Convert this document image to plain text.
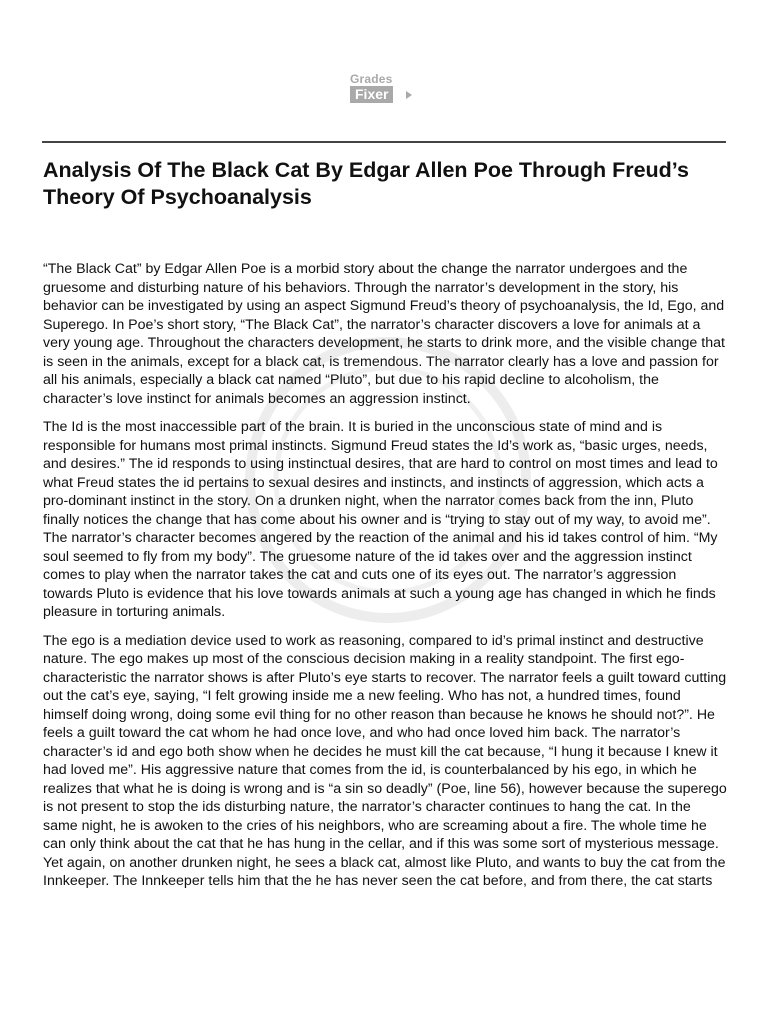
Grades
Fixer
Analysis Of The Black Cat By Edgar Allen Poe Through Freud’s Theory Of Psychoanalysis

“The Black Cat” by Edgar Allen Poe is a morbid story about the change the narrator undergoes and the gruesome and disturbing nature of his behaviors. Through the narrator’s development in the story, his behavior can be investigated by using an aspect Sigmund Freud’s theory of psychoanalysis, the Id, Ego, and Superego. In Poe’s short story, “The Black Cat”, the narrator’s character discovers a love for animals at a very young age. Throughout the characters development, he starts to drink more, and the visible change that is seen in the animals, except for a black cat, is tremendous. The narrator clearly has a love and passion for all his animals, especially a black cat named “Pluto”, but due to his rapid decline to alcoholism, the character’s love instinct for animals becomes an aggression instinct.

The Id is the most inaccessible part of the brain. It is buried in the unconscious state of mind and is responsible for humans most primal instincts. Sigmund Freud states the Id’s work as, “basic urges, needs, and desires.” The id responds to using instinctual desires, that are hard to control on most times and lead to what Freud states the id pertains to sexual desires and instincts, and instincts of aggression, which acts a pro-dominant instinct in the story. On a drunken night, when the narrator comes back from the inn, Pluto finally notices the change that has come about his owner and is “trying to stay out of my way, to avoid me”. The narrator’s character becomes angered by the reaction of the animal and his id takes control of him. “My soul seemed to fly from my body”. The gruesome nature of the id takes over and the aggression instinct comes to play when the narrator takes the cat and cuts one of its eyes out. The narrator’s aggression towards Pluto is evidence that his love towards animals at such a young age has changed in which he finds pleasure in torturing animals.

The ego is a mediation device used to work as reasoning, compared to id’s primal instinct and destructive nature. The ego makes up most of the conscious decision making in a reality standpoint. The first ego-characteristic the narrator shows is after Pluto’s eye starts to recover. The narrator feels a guilt toward cutting out the cat’s eye, saying, “I felt growing inside me a new feeling. Who has not, a hundred times, found himself doing wrong, doing some evil thing for no other reason than because he knows he should not?”. He feels a guilt toward the cat whom he had once love, and who had once loved him back. The narrator’s character’s id and ego both show when he decides he must kill the cat because, “I hung it because I knew it had loved me”. His aggressive nature that comes from the id, is counterbalanced by his ego, in which he realizes that what he is doing is wrong and is “a sin so deadly” (Poe, line 56), however because the superego is not present to stop the ids disturbing nature, the narrator’s character continues to hang the cat. In the same night, he is awoken to the cries of his neighbors, who are screaming about a fire. The whole time he can only think about the cat that he has hung in the cellar, and if this was some sort of mysterious message. Yet again, on another drunken night, he sees a black cat, almost like Pluto, and wants to buy the cat from the Innkeeper. The Innkeeper tells him that the he has never seen the cat before, and from there, the cat starts
